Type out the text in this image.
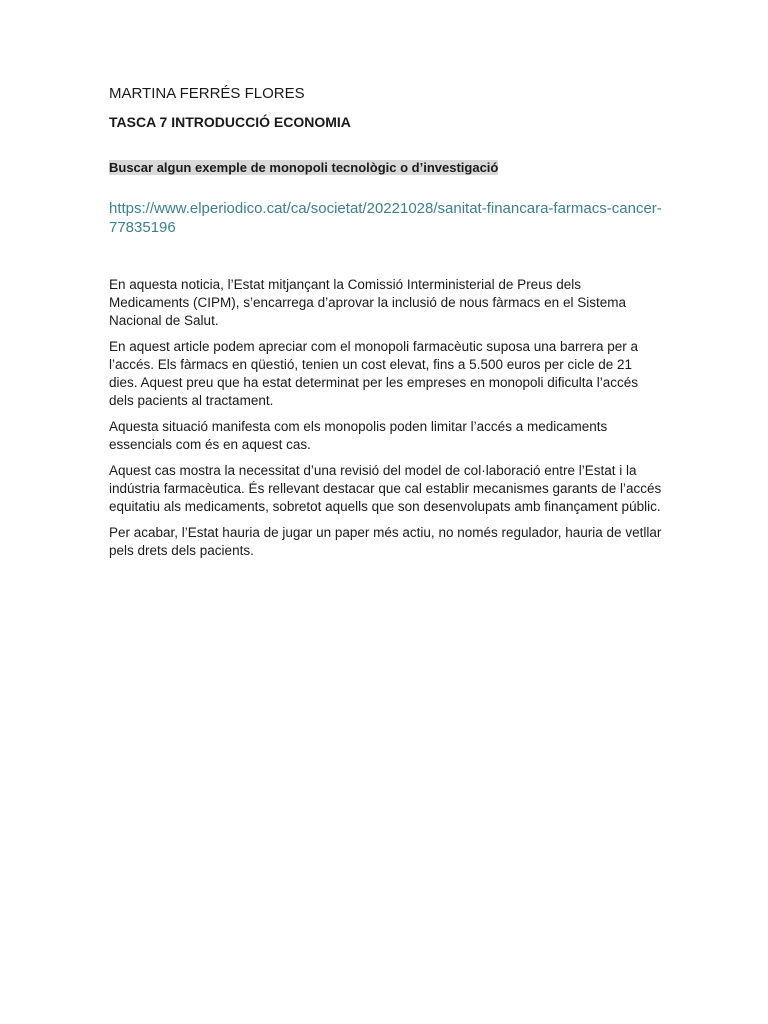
MARTINA FERRÉS FLORES
TASCA 7 INTRODUCCIÓ ECONOMIA
Buscar algun exemple de monopoli tecnològic o d’investigació
https://www.elperiodico.cat/ca/societat/20221028/sanitat-financara-farmacs-cancer-77835196

En aquesta noticia, l’Estat mitjançant la Comissió Interministerial de Preus dels Medicaments (CIPM), s’encarrega d’aprovar la inclusió de nous fàrmacs en el Sistema Nacional de Salut.

En aquest article podem apreciar com el monopoli farmacèutic suposa una barrera per a l’accés. Els fàrmacs en qüestió, tenien un cost elevat, fins a 5.500 euros per cicle de 21 dies. Aquest preu que ha estat determinat per les empreses en monopoli dificulta l’accés dels pacients al tractament.

Aquesta situació manifesta com els monopolis poden limitar l’accés a medicaments essencials com és en aquest cas.

Aquest cas mostra la necessitat d’una revisió del model de col·laboració entre l’Estat i la indústria farmacèutica. És rellevant destacar que cal establir mecanismes garants de l’accés equitatiu als medicaments, sobretot aquells que son desenvolupats amb finançament públic.

Per acabar, l’Estat hauria de jugar un paper més actiu, no només regulador, hauria de vetllar pels drets dels pacients.
